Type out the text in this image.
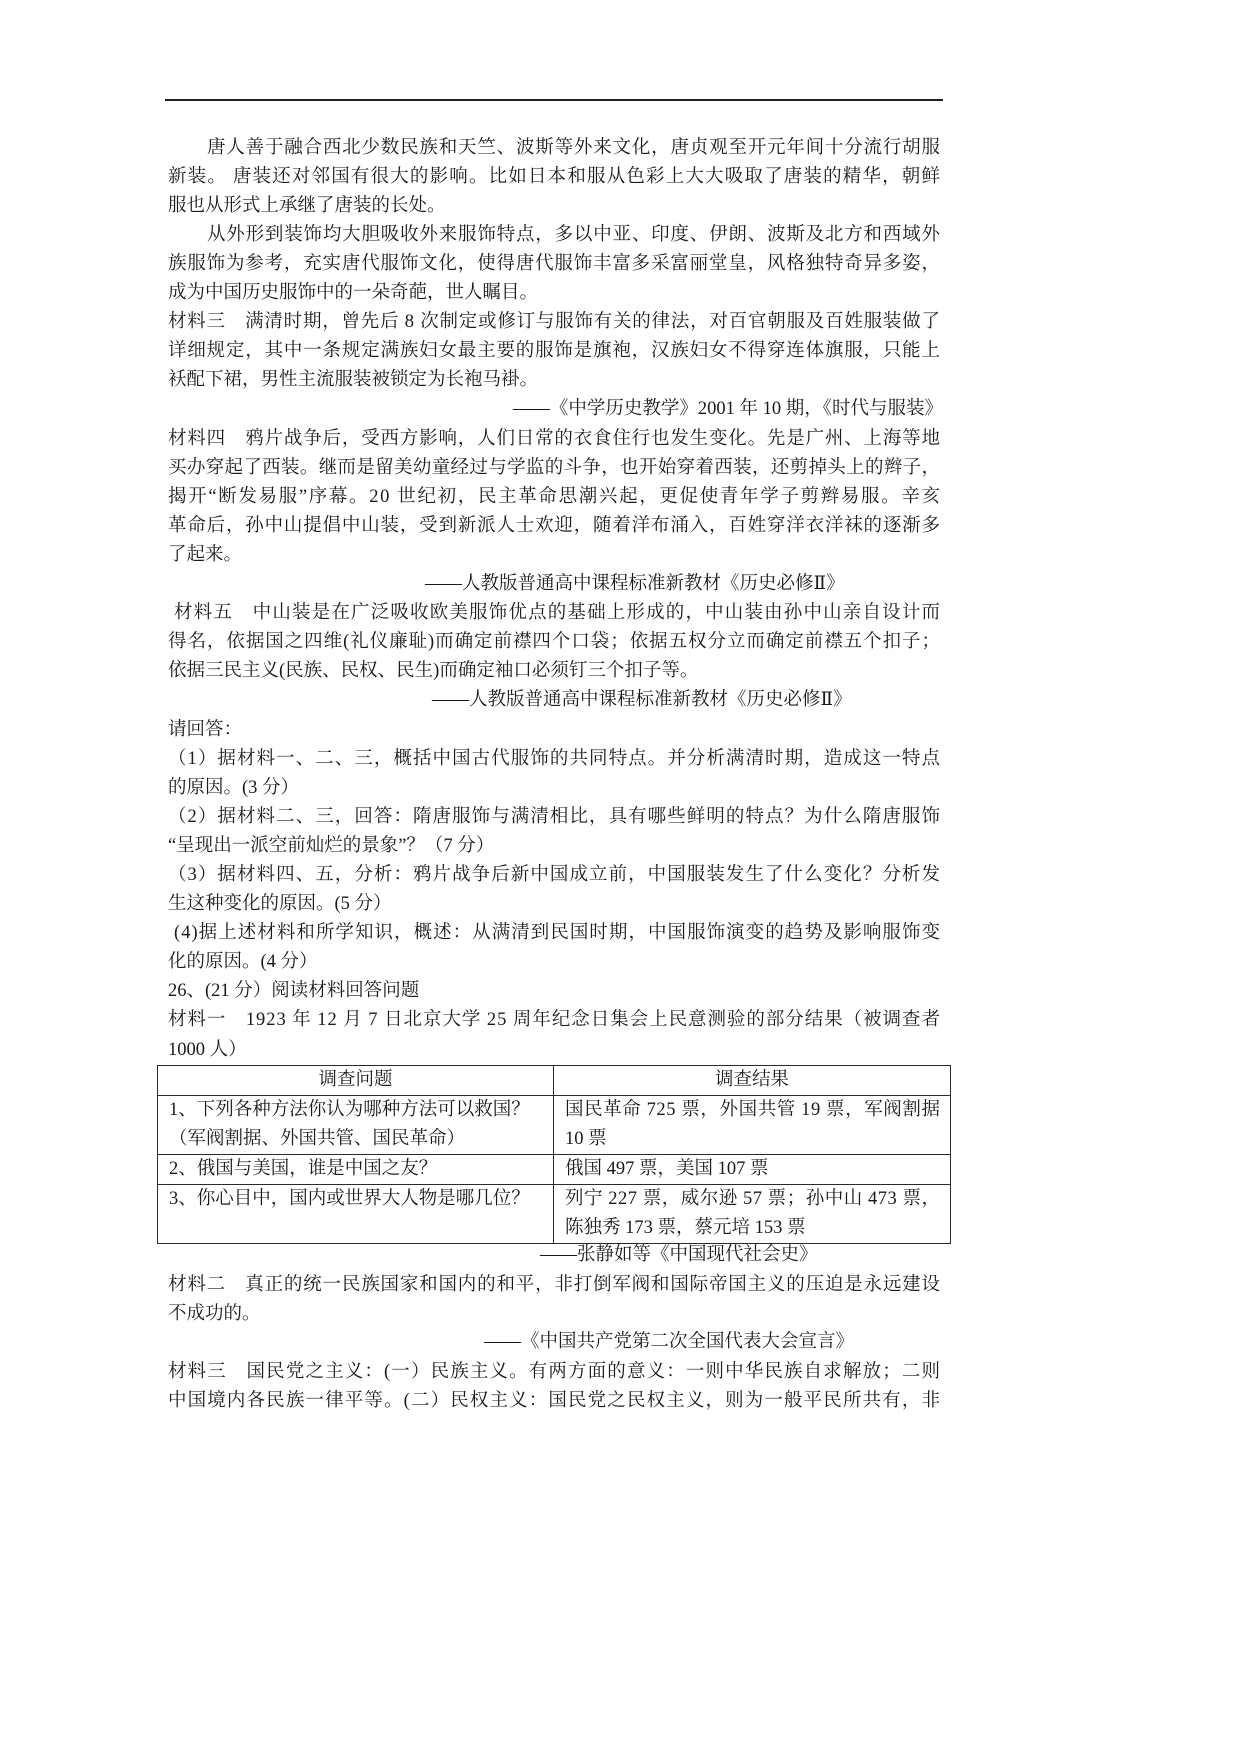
唐人善于融合西北少数民族和天竺、波斯等外来文化，唐贞观至开元年间十分流行胡服
新装。 唐装还对邻国有很大的影响。比如日本和服从色彩上大大吸取了唐装的精华，朝鲜
服也从形式上承继了唐装的长处。
从外形到装饰均大胆吸收外来服饰特点，多以中亚、印度、伊朗、波斯及北方和西域外
族服饰为参考，充实唐代服饰文化，使得唐代服饰丰富多采富丽堂皇，风格独特奇异多姿，
成为中国历史服饰中的一朵奇葩，世人瞩目。
材料三　满清时期，曾先后 8 次制定或修订与服饰有关的律法，对百官朝服及百姓服装做了
详细规定，其中一条规定满族妇女最主要的服饰是旗袍，汉族妇女不得穿连体旗服，只能上
袄配下裙，男性主流服装被锁定为长袍马褂。
——《中学历史教学》2001 年 10 期，《时代与服装》
材料四　鸦片战争后，受西方影响，人们日常的衣食住行也发生变化。先是广州、上海等地
买办穿起了西装。继而是留美幼童经过与学监的斗争，也开始穿着西装，还剪掉头上的辫子，
揭开“断发易服”序幕。20 世纪初，民主革命思潮兴起，更促使青年学子剪辫易服。辛亥
革命后，孙中山提倡中山装，受到新派人士欢迎，随着洋布涌入，百姓穿洋衣洋袜的逐渐多
了起来。
——人教版普通高中课程标准新教材《历史必修Ⅱ》
材料五　中山装是在广泛吸收欧美服饰优点的基础上形成的，中山装由孙中山亲自设计而
得名，依据国之四维(礼仪廉耻)而确定前襟四个口袋；依据五权分立而确定前襟五个扣子；
依据三民主义(民族、民权、民生)而确定袖口必须钉三个扣子等。
——人教版普通高中课程标准新教材《历史必修Ⅱ》
请回答：
（1）据材料一、二、三，概括中国古代服饰的共同特点。并分析满清时期，造成这一特点
的原因。(3 分）
（2）据材料二、三，回答：隋唐服饰与满清相比，具有哪些鲜明的特点？为什么隋唐服饰
“呈现出一派空前灿烂的景象”？（7 分）
（3）据材料四、五，分析：鸦片战争后新中国成立前，中国服装发生了什么变化？分析发
生这种变化的原因。(5 分）
(4)据上述材料和所学知识，概述：从满清到民国时期，中国服饰演变的趋势及影响服饰变
化的原因。(4 分）
26、(21 分）阅读材料回答问题
材料一　1923 年 12 月 7 日北京大学 25 周年纪念日集会上民意测验的部分结果（被调查者
1000 人）
调查问题	调查结果

1、下列各种方法你认为哪种方法可以救国？
（军阀割据、外国共管、国民革命）	国民革命 725 票，外国共管 19 票，军阀割据
10 票

2、俄国与美国，谁是中国之友？	俄国 497 票，美国 107 票

3、你心目中，国内或世界大人物是哪几位？	列宁 227 票，威尔逊 57 票；孙中山 473 票，
陈独秀 173 票，蔡元培 153 票
——张静如等《中国现代社会史》
材料二　真正的统一民族国家和国内的和平，非打倒军阀和国际帝国主义的压迫是永远建设
不成功的。
——《中国共产党第二次全国代表大会宣言》
材料三　国民党之主义：(一）民族主义。有两方面的意义：一则中华民族自求解放；二则
中国境内各民族一律平等。(二）民权主义：国民党之民权主义，则为一般平民所共有，非
